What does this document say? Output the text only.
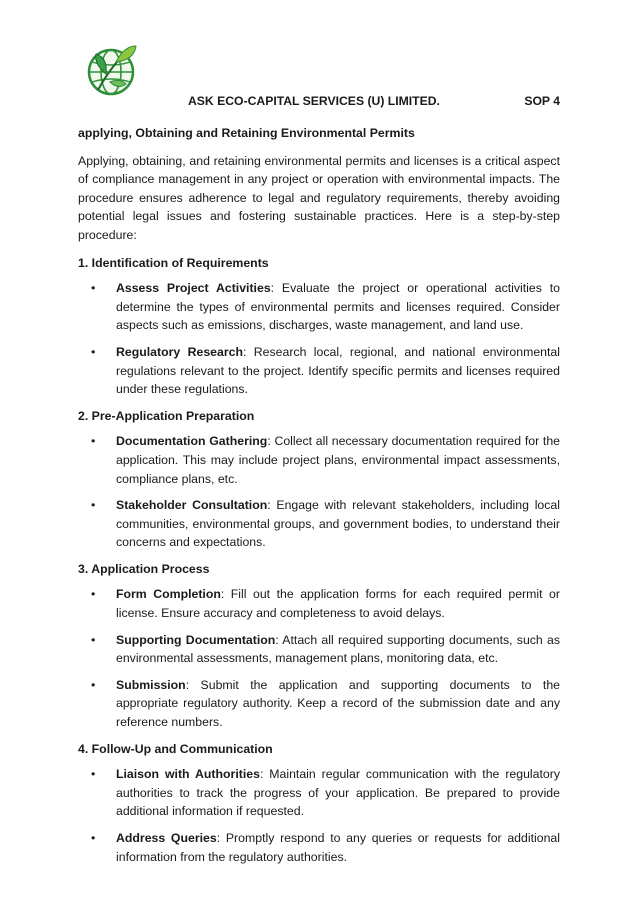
ASK ECO-CAPITAL SERVICES (U) LIMITED.	SOP 4
applying, Obtaining and Retaining Environmental Permits
Applying, obtaining, and retaining environmental permits and licenses is a critical aspect of compliance management in any project or operation with environmental impacts. The procedure ensures adherence to legal and regulatory requirements, thereby avoiding potential legal issues and fostering sustainable practices. Here is a step-by-step procedure:
1. Identification of Requirements
• Assess Project Activities: Evaluate the project or operational activities to determine the types of environmental permits and licenses required. Consider aspects such as emissions, discharges, waste management, and land use.
• Regulatory Research: Research local, regional, and national environmental regulations relevant to the project. Identify specific permits and licenses required under these regulations.
2. Pre-Application Preparation
• Documentation Gathering: Collect all necessary documentation required for the application. This may include project plans, environmental impact assessments, compliance plans, etc.
• Stakeholder Consultation: Engage with relevant stakeholders, including local communities, environmental groups, and government bodies, to understand their concerns and expectations.
3. Application Process
• Form Completion: Fill out the application forms for each required permit or license. Ensure accuracy and completeness to avoid delays.
• Supporting Documentation: Attach all required supporting documents, such as environmental assessments, management plans, monitoring data, etc.
• Submission: Submit the application and supporting documents to the appropriate regulatory authority. Keep a record of the submission date and any reference numbers.
4. Follow-Up and Communication
• Liaison with Authorities: Maintain regular communication with the regulatory authorities to track the progress of your application. Be prepared to provide additional information if requested.
• Address Queries: Promptly respond to any queries or requests for additional information from the regulatory authorities.
